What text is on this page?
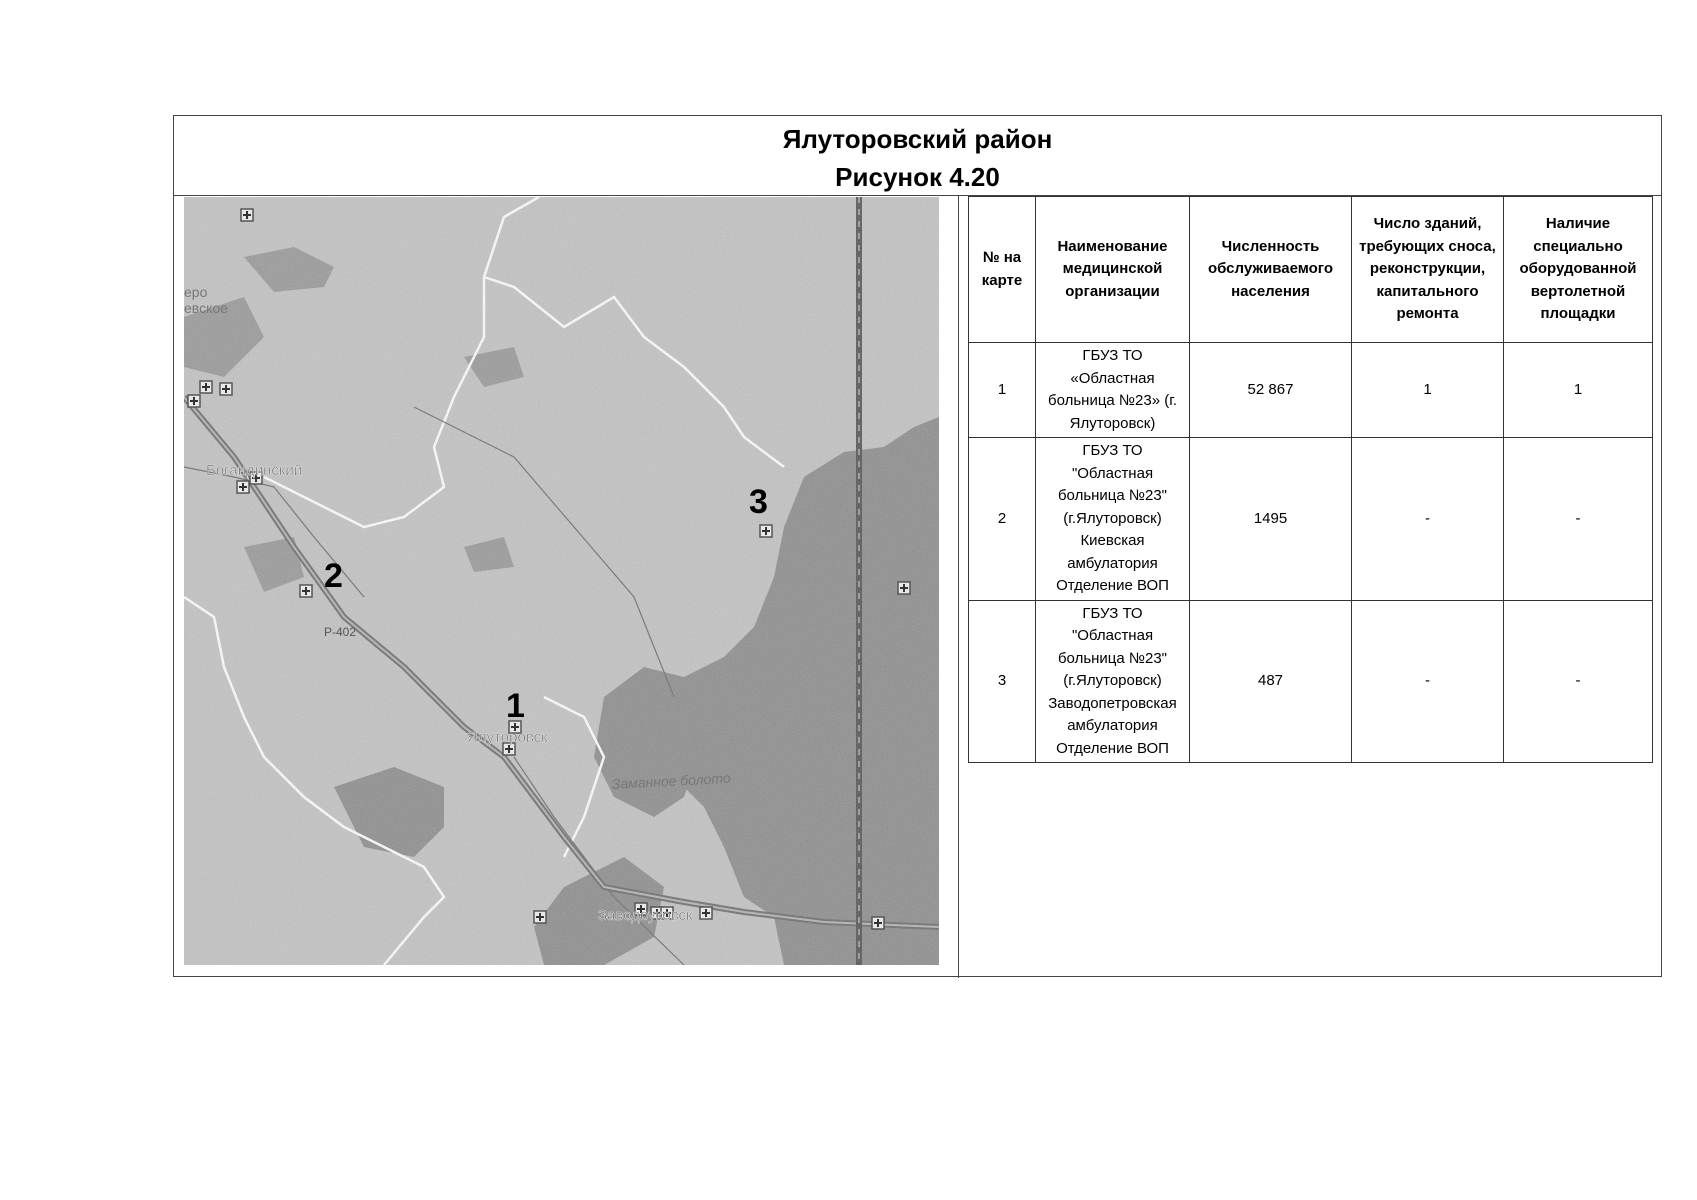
Ялуторовский район
Рисунок 4.20
Богандинский
Ялуторовск
Заводоуковск
Р-402
Заманное болото
еро
евское
1
2
3
№ на карте	Наименование медицинской организации	Численность обслуживаемого населения	Число зданий, требующих сноса, реконструкции, капитального ремонта	Наличие специально оборудованной вертолетной площадки
1	ГБУЗ ТО «Областная больница №23» (г. Ялуторовск)	52 867	1	1
2	ГБУЗ ТО "Областная больница №23" (г.Ялуторовск) Киевская амбулатория Отделение ВОП	1495	-	-
3	ГБУЗ ТО "Областная больница №23" (г.Ялуторовск) Заводопетровская амбулатория Отделение ВОП	487	-	-
